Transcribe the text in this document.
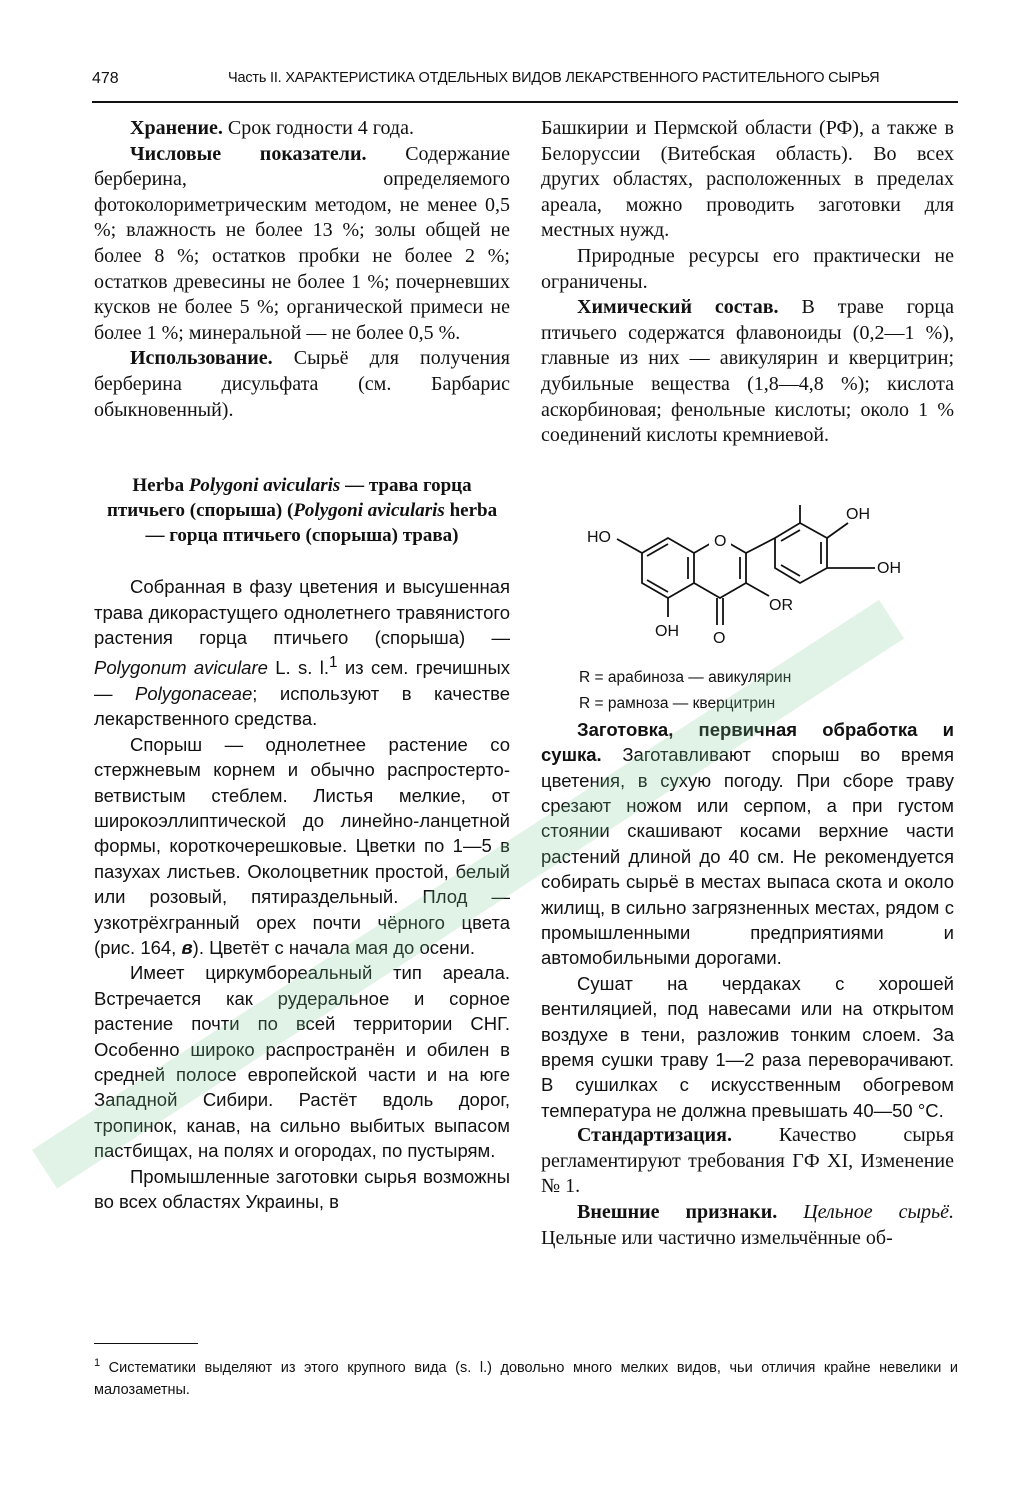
478	Часть II. ХАРАКТЕРИСТИКА ОТДЕЛЬНЫХ ВИДОВ ЛЕКАРСТВЕННОГО РАСТИТЕЛЬНОГО СЫРЬЯ

Хранение. Срок годности 4 года.

Числовые показатели. Содержание берберина, определяемого фотоколориметрическим методом, не менее 0,5 %; влажность не более 13 %; золы общей не более 8 %; остатков пробки не более 2 %; остатков древесины не более 1 %; почерневших кусков не более 5 %; органической примеси не более 1 %; минеральной — не более 0,5 %.

Использование. Сырьё для получения берберина дисульфата (см. Барбарис обыкновенный).

Herba Polygoni avicularis — трава горца птичьего (спорыша) (Polygoni avicularis herba — горца птичьего (спорыша) трава)

Собранная в фазу цветения и высушенная трава дикорастущего однолетнего травянистого растения горца птичьего (спорыша) — Polygonum aviculare L. s. l.$^1$ из сем. гречишных — Polygonaceae; используют в качестве лекарственного средства.

Спорыш — однолетнее растение со стержневым корнем и обычно распростерто-ветвистым стеблем. Листья мелкие, от широкоэллиптической до линейно-ланцетной формы, короткочерешковые. Цветки по 1—5 в пазухах листьев. Околоцветник простой, белый или розовый, пятираздельный. Плод — узкотрёхгранный орех почти чёрного цвета (рис. 164, в). Цветёт с начала мая до осени.

Имеет циркумбореальный тип ареала. Встречается как рудеральное и сорное растение почти по всей территории СНГ. Особенно широко распространён и обилен в средней полосе европейской части и на юге Западной Сибири. Растёт вдоль дорог, тропинок, канав, на сильно выбитых выпасом пастбищах, на полях и огородах, по пустырям.

Промышленные заготовки сырья возможны во всех областях Украины, в

Башкирии и Пермской области (РФ), а также в Белоруссии (Витебская область). Во всех других областях, расположенных в пределах ареала, можно проводить заготовки для местных нужд.

Природные ресурсы его практически не ограничены.

Химический состав. В траве горца птичьего содержатся флавоноиды (0,2—1 %), главные из них — авикулярин и кверцитрин; дубильные вещества (1,8—4,8 %); кислота аскорбиновая; фенольные кислоты; около 1 % соединений кислоты кремниевой.

O
O
HO
OH
OR
OH
OH

R = арабиноза — авикулярин

R = рамноза — кверцитрин

Заготовка, первичная обработка и сушка. Заготавливают спорыш во время цветения, в сухую погоду. При сборе траву срезают ножом или серпом, а при густом стоянии скашивают косами верхние части растений длиной до 40 см. Не рекомендуется собирать сырьё в местах выпаса скота и около жилищ, в сильно загрязненных местах, рядом с промышленными предприятиями и автомобильными дорогами.

Сушат на чердаках с хорошей вентиляцией, под навесами или на открытом воздухе в тени, разложив тонким слоем. За время сушки траву 1—2 раза переворачивают. В сушилках с искусственным обогревом температура не должна превышать 40—50 °С.

Стандартизация. Качество сырья регламентируют требования ГФ XI, Изменение № 1.

Внешние признаки. Цельное сырьё. Цельные или частично измельчённые об-

$^1$ Систематики выделяют из этого крупного вида (s. l.) довольно много мелких видов, чьи отличия крайне невелики и малозаметны.
